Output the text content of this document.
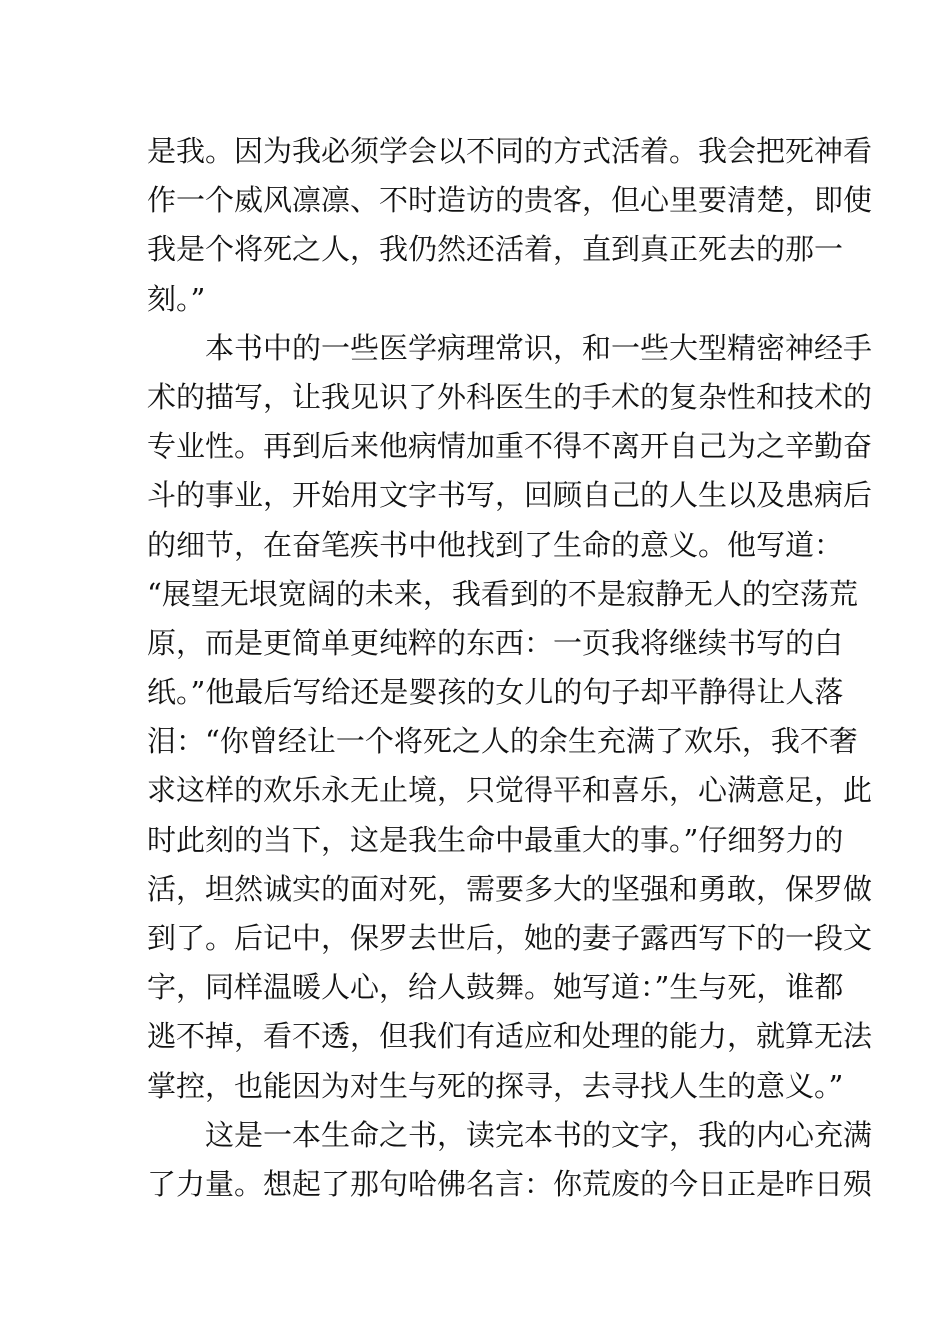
是我。因为我必须学会以不同的方式活着。我会把死神看
作一个威风凛凛、不时造访的贵客，但心里要清楚，即使
我是个将死之人，我仍然还活着，直到真正死去的那一
刻。”
本书中的一些医学病理常识，和一些大型精密神经手
术的描写，让我见识了外科医生的手术的复杂性和技术的
专业性。再到后来他病情加重不得不离开自己为之辛勤奋
斗的事业，开始用文字书写，回顾自己的人生以及患病后
的细节，在奋笔疾书中他找到了生命的意义。他写道：
“展望无垠宽阔的未来，我看到的不是寂静无人的空荡荒
原，而是更简单更纯粹的东西：一页我将继续书写的白
纸。”他最后写给还是婴孩的女儿的句子却平静得让人落
泪：“你曾经让一个将死之人的余生充满了欢乐，我不奢
求这样的欢乐永无止境，只觉得平和喜乐，心满意足，此
时此刻的当下，这是我生命中最重大的事。”仔细努力的
活，坦然诚实的面对死，需要多大的坚强和勇敢，保罗做
到了。后记中，保罗去世后，她的妻子露西写下的一段文
字，同样温暖人心，给人鼓舞。她写道：”生与死，谁都
逃不掉，看不透，但我们有适应和处理的能力，就算无法
掌控，也能因为对生与死的探寻，去寻找人生的意义。”
这是一本生命之书，读完本书的文字，我的内心充满
了力量。想起了那句哈佛名言：你荒废的今日正是昨日殒
